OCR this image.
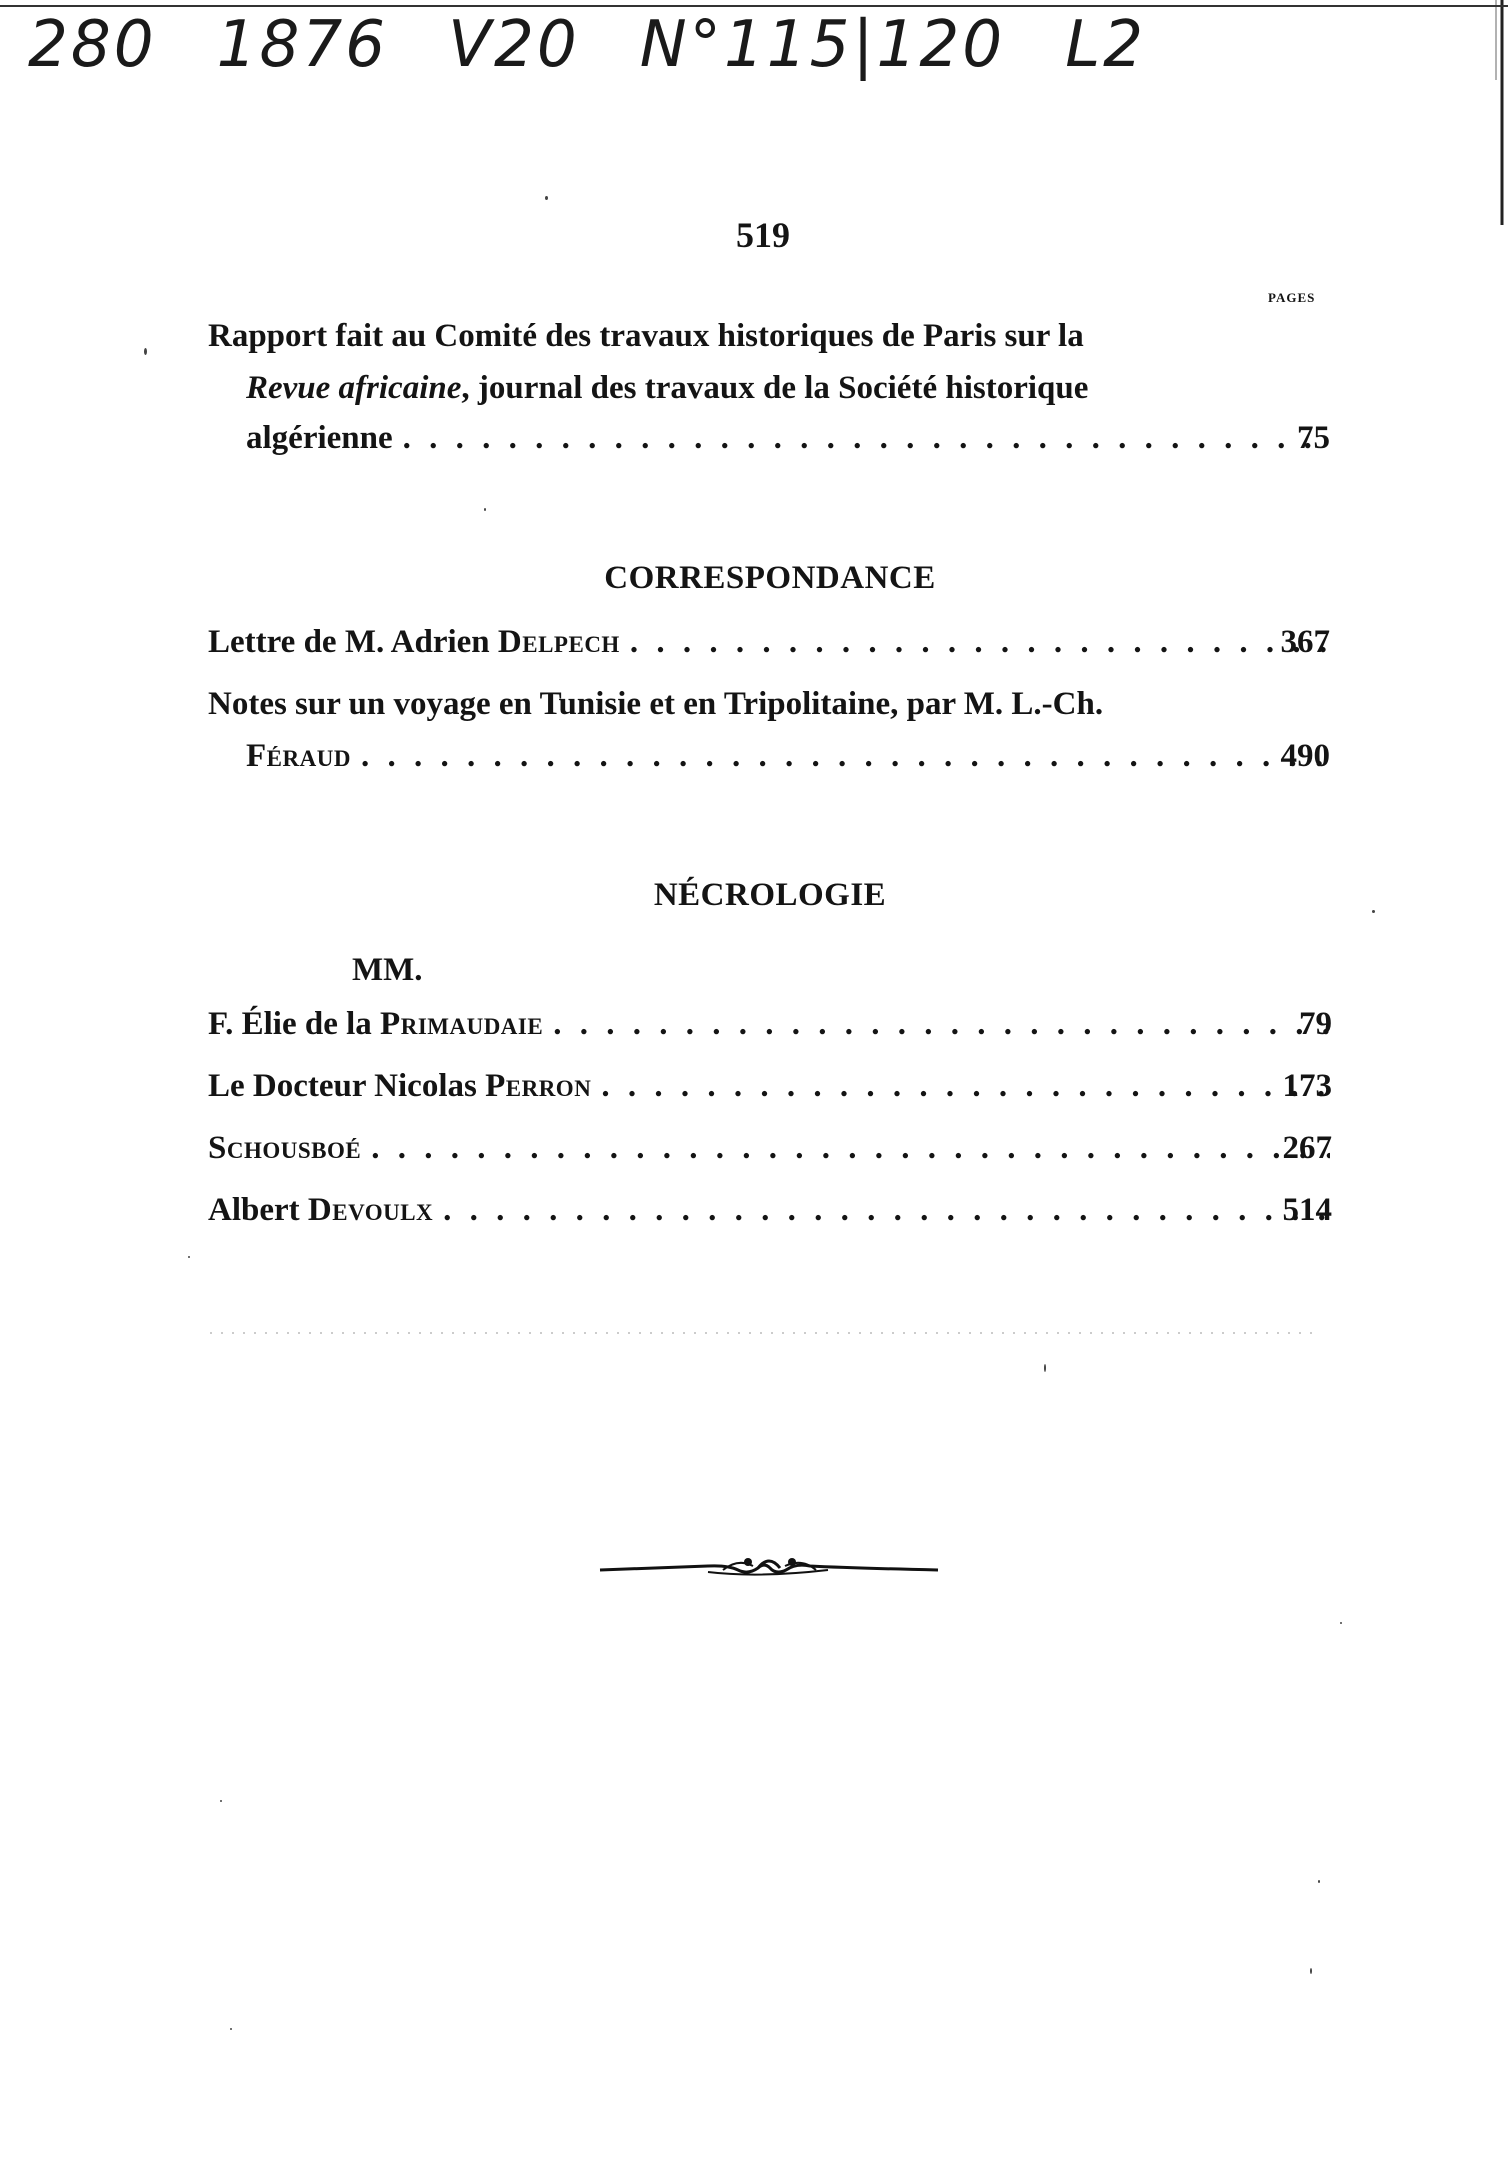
280 1876 V20 N°115|120 L2
519
PAGES
Rapport fait au Comité des travaux historiques de Paris sur la
Revue africaine, journal des travaux de la Société historique
algérienne . . .	75
CORRESPONDANCE
Lettre de M. Adrien Delpech . . .	367
Notes sur un voyage en Tunisie et en Tripolitaine, par M. L.-Ch.
Féraud . . .	490
NÉCROLOGIE
MM.
F. Élie de la Primaudaie . . .	79
Le Docteur Nicolas Perron . . .	173
Schousboé . . .	267
Albert Devoulx . . .	514
